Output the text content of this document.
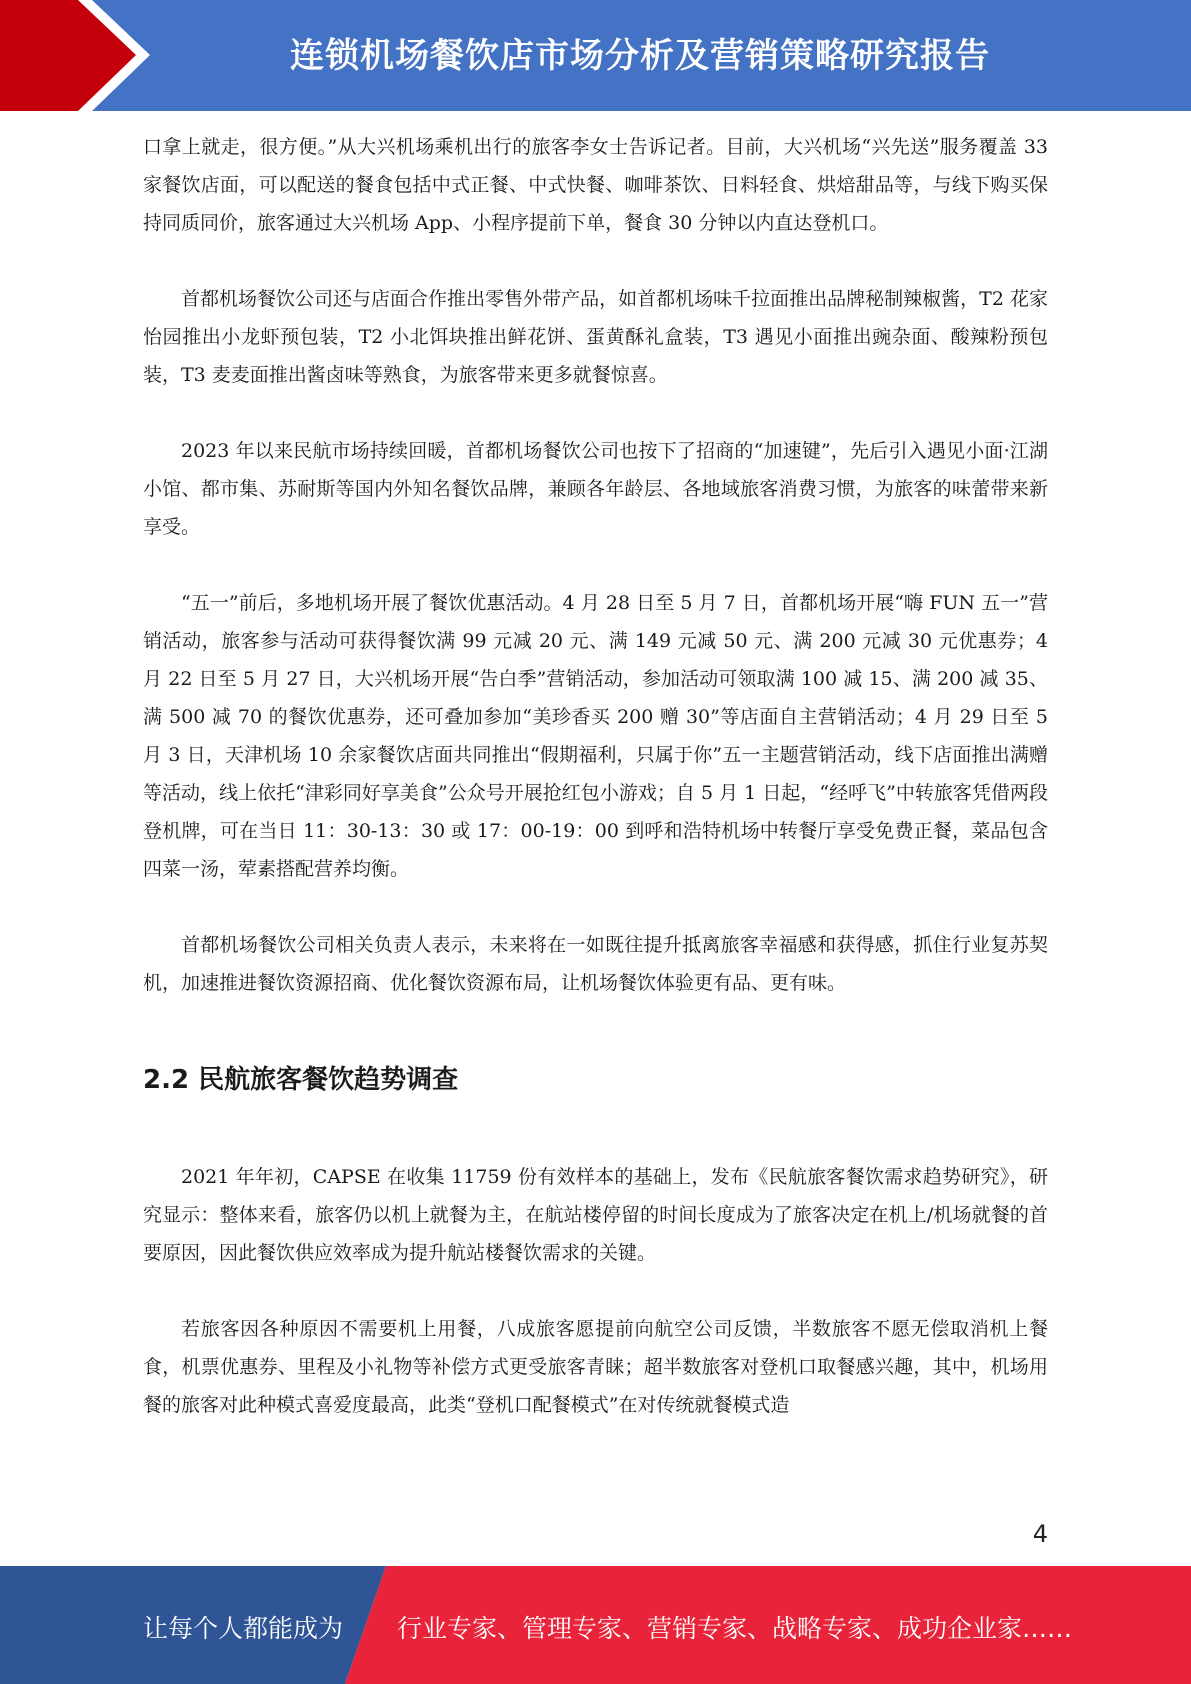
连锁机场餐饮店市场分析及营销策略研究报告

口拿上就走，很方便。”从大兴机场乘机出行的旅客李女士告诉记者。目前，大兴机场“兴先送”服务覆盖 33 家餐饮店面，可以配送的餐食包括中式正餐、中式快餐、咖啡茶饮、日料轻食、烘焙甜品等，与线下购买保持同质同价，旅客通过大兴机场 App、小程序提前下单，餐食 30 分钟以内直达登机口。

首都机场餐饮公司还与店面合作推出零售外带产品，如首都机场味千拉面推出品牌秘制辣椒酱，T2 花家怡园推出小龙虾预包装，T2 小北饵块推出鲜花饼、蛋黄酥礼盒装，T3 遇见小面推出豌杂面、酸辣粉预包装，T3 麦麦面推出酱卤味等熟食，为旅客带来更多就餐惊喜。

2023 年以来民航市场持续回暖，首都机场餐饮公司也按下了招商的“加速键”，先后引入遇见小面·江湖小馆、都市集、苏耐斯等国内外知名餐饮品牌，兼顾各年龄层、各地域旅客消费习惯，为旅客的味蕾带来新享受。

“五一”前后，多地机场开展了餐饮优惠活动。4 月 28 日至 5 月 7 日，首都机场开展“嗨 FUN 五一”营销活动，旅客参与活动可获得餐饮满 99 元减 20 元、满 149 元减 50 元、满 200 元减 30 元优惠券；4 月 22 日至 5 月 27 日，大兴机场开展“告白季”营销活动，参加活动可领取满 100 减 15、满 200 减 35、满 500 减 70 的餐饮优惠券，还可叠加参加“美珍香买 200 赠 30”等店面自主营销活动；4 月 29 日至 5 月 3 日，天津机场 10 余家餐饮店面共同推出“假期福利，只属于你”五一主题营销活动，线下店面推出满赠等活动，线上依托“津彩同好享美食”公众号开展抢红包小游戏；自 5 月 1 日起，“经呼飞”中转旅客凭借两段登机牌，可在当日 11：30-13：30 或 17：00-19：00 到呼和浩特机场中转餐厅享受免费正餐，菜品包含四菜一汤，荤素搭配营养均衡。

首都机场餐饮公司相关负责人表示，未来将在一如既往提升抵离旅客幸福感和获得感，抓住行业复苏契机，加速推进餐饮资源招商、优化餐饮资源布局，让机场餐饮体验更有品、更有味。

2.2 民航旅客餐饮趋势调查

2021 年年初，CAPSE 在收集 11759 份有效样本的基础上，发布《民航旅客餐饮需求趋势研究》，研究显示：整体来看，旅客仍以机上就餐为主，在航站楼停留的时间长度成为了旅客决定在机上/机场就餐的首要原因，因此餐饮供应效率成为提升航站楼餐饮需求的关键。

若旅客因各种原因不需要机上用餐，八成旅客愿提前向航空公司反馈，半数旅客不愿无偿取消机上餐食，机票优惠券、里程及小礼物等补偿方式更受旅客青睐；超半数旅客对登机口取餐感兴趣，其中，机场用餐的旅客对此种模式喜爱度最高，此类“登机口配餐模式”在对传统就餐模式造

4
让每个人都能成为 行业专家、管理专家、营销专家、战略专家、成功企业家……
